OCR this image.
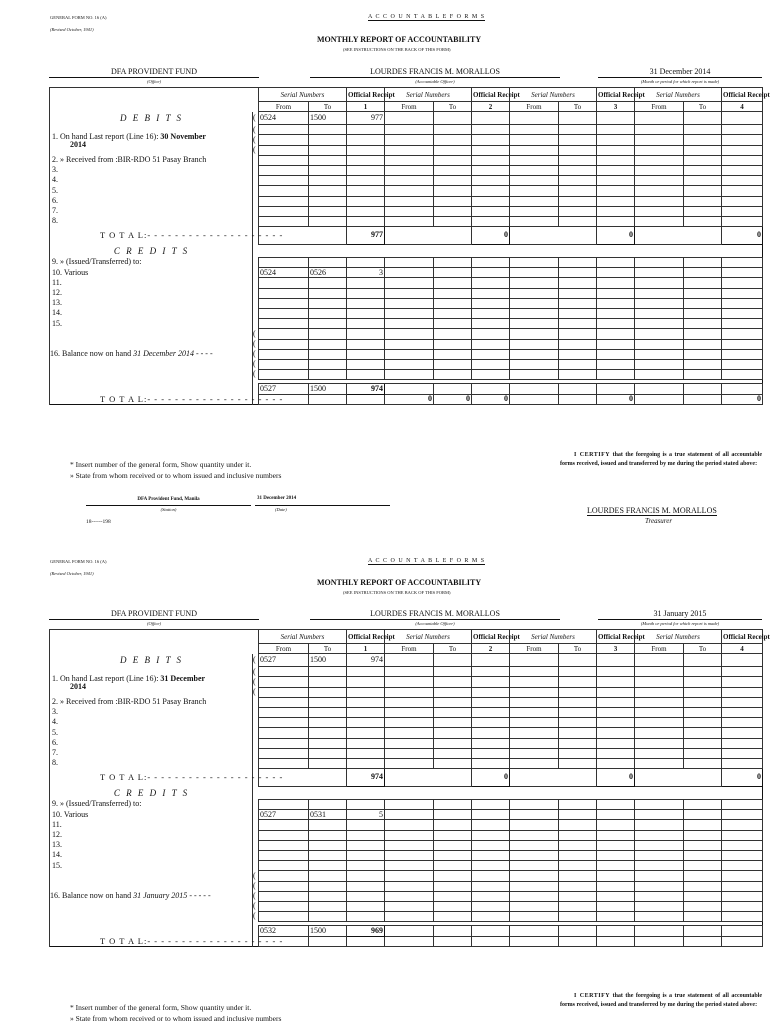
GENERAL FORM NO. 16 (A)
(Revised October, 1941)
A C C O U N T A B L E F O R M S
MONTHLY REPORT OF ACCOUNTABILITY
(SEE INSTRUCTIONS ON THE BACK OF THIS FORM)
DFA PROVIDENT FUND
(Office)
LOURDES FRANCIS M. MORALLOS
(Accountable Officer)
31 December 2014
(Month or period for which report is made)
		Serial Numbers		Official Receipt	Serial Numbers		Official Receipt	Serial Numbers		Official Receipt	Serial Numbers		Official Receipt
		From	To	1	From	To	2	From	To	3	From	To	4
D E B I T S	(	0524	1500	977									
1. On hand Last report (Line 16): 30 November
2014	(												
	(												
	(												
2. » Received from :BIR-RDO 51 Pasay Branch													
3.													
4.													
5.													
6.													
7.													
8.													
T O T A L:- - - - - - - - - - - - - - - - - - - -				977			0			0			0
C R E D I T S													
9. » (Issued/Transferred) to:													
10. Various		0524	0526	3									
11.													
12.													
13.													
14.													
15.													
	(												
	(												
16. Balance now on hand 31 December 2014 - - - -	(												
	(												
	(												

		0527	1500	974									
T O T A L:- - - - - - - - - - - - - - - - - - - -					0	0	0			0			0
I CERTIFY that the foregoing is a true statement of all accountable forms received, issued and transferred by me during the period stated above:
* Insert number of the general form, Show quantity under it.
» State from whom received or to whom issued and inclusive numbers
DFA Provident Fund, Manila
(Station)
31 December 2014
(Date)
18------198
LOURDES FRANCIS M. MORALLOS
Treasurer
GENERAL FORM NO. 16 (A)
(Revised October, 1941)
A C C O U N T A B L E F O R M S
MONTHLY REPORT OF ACCOUNTABILITY
(SEE INSTRUCTIONS ON THE BACK OF THIS FORM)
DFA PROVIDENT FUND
(Office)
LOURDES FRANCIS M. MORALLOS
(Accountable Officer)
31 January 2015
(Month or period for which report is made)
		Serial Numbers		Official Receipt	Serial Numbers		Official Receipt	Serial Numbers		Official Receipt	Serial Numbers		Official Receipt
		From	To	1	From	To	2	From	To	3	From	To	4
D E B I T S	(	0527	1500	974									
1. On hand Last report (Line 16): 31 December
2014	(												
	(												
	(												
2. » Received from :BIR-RDO 51 Pasay Branch													
3.													
4.													
5.													
6.													
7.													
8.													
T O T A L:- - - - - - - - - - - - - - - - - - - -				974			0			0			0
C R E D I T S													
9. » (Issued/Transferred) to:													
10. Various		0527	0531	5									
11.													
12.													
13.													
14.													
15.													
	(												
	(												
16. Balance now on hand 31 January 2015 - - - - -	(												
	(												
	(												

		0532	1500	969									
T O T A L:- - - - - - - - - - - - - - - - - - - -													
I CERTIFY that the foregoing is a true statement of all accountable forms received, issued and transferred by me during the period stated above:
* Insert number of the general form, Show quantity under it.
» State from whom received or to whom issued and inclusive numbers
